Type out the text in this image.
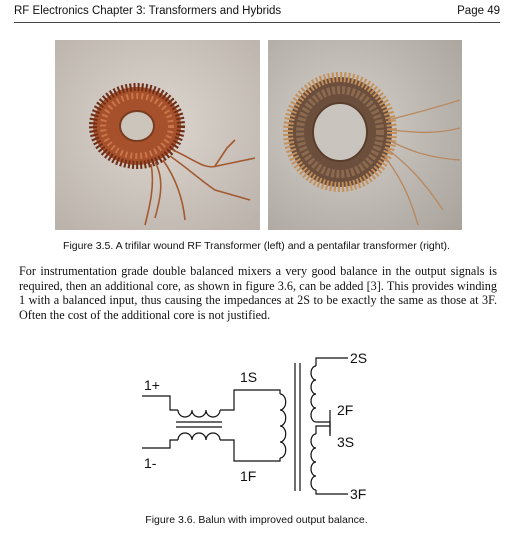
RF Electronics Chapter 3: Transformers and Hybrids	Page 49
Figure 3.5. A trifilar wound RF Transformer (left) and a pentafilar transformer (right).

For instrumentation grade double balanced mixers a very good balance in the output signals is required, then an additional core, as shown in figure 3.6, can be added [3]. This provides winding 1 with a balanced input, thus causing the impedances at 2S to be exactly the same as those at 3F. Often the cost of the additional core is not justified.

1+
1-
1S
1F
2S
2F
3S
3F
Figure 3.6. Balun with improved output balance.
